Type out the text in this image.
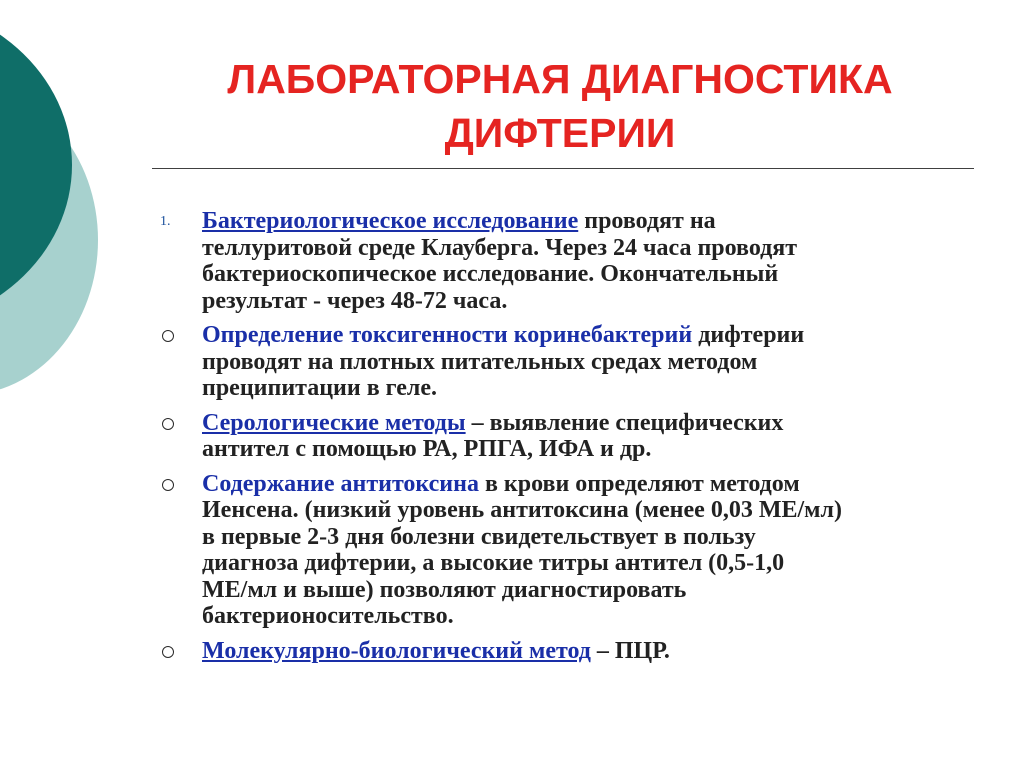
ЛАБОРАТОРНАЯ ДИАГНОСТИКА
ДИФТЕРИИ
1. Бактериологическое исследование проводят на
теллуритовой среде Клауберга. Через 24 часа проводят
бактериоскопическое исследование. Окончательный
результат - через 48-72 часа.
Определение токсигенности коринебактерий дифтерии
проводят на плотных питательных средах методом
преципитации в геле.
Серологические методы – выявление специфических
антител с помощью РА, РПГА, ИФА и др.
Содержание антитоксина в крови определяют методом
Иенсена. (низкий уровень антитоксина (менее 0,03 МЕ/мл)
в первые 2-3 дня болезни свидетельствует в пользу
диагноза дифтерии, а высокие титры антител (0,5-1,0
МЕ/мл и выше) позволяют диагностировать
бактерионосительство.
Молекулярно-биологический метод – ПЦР.
